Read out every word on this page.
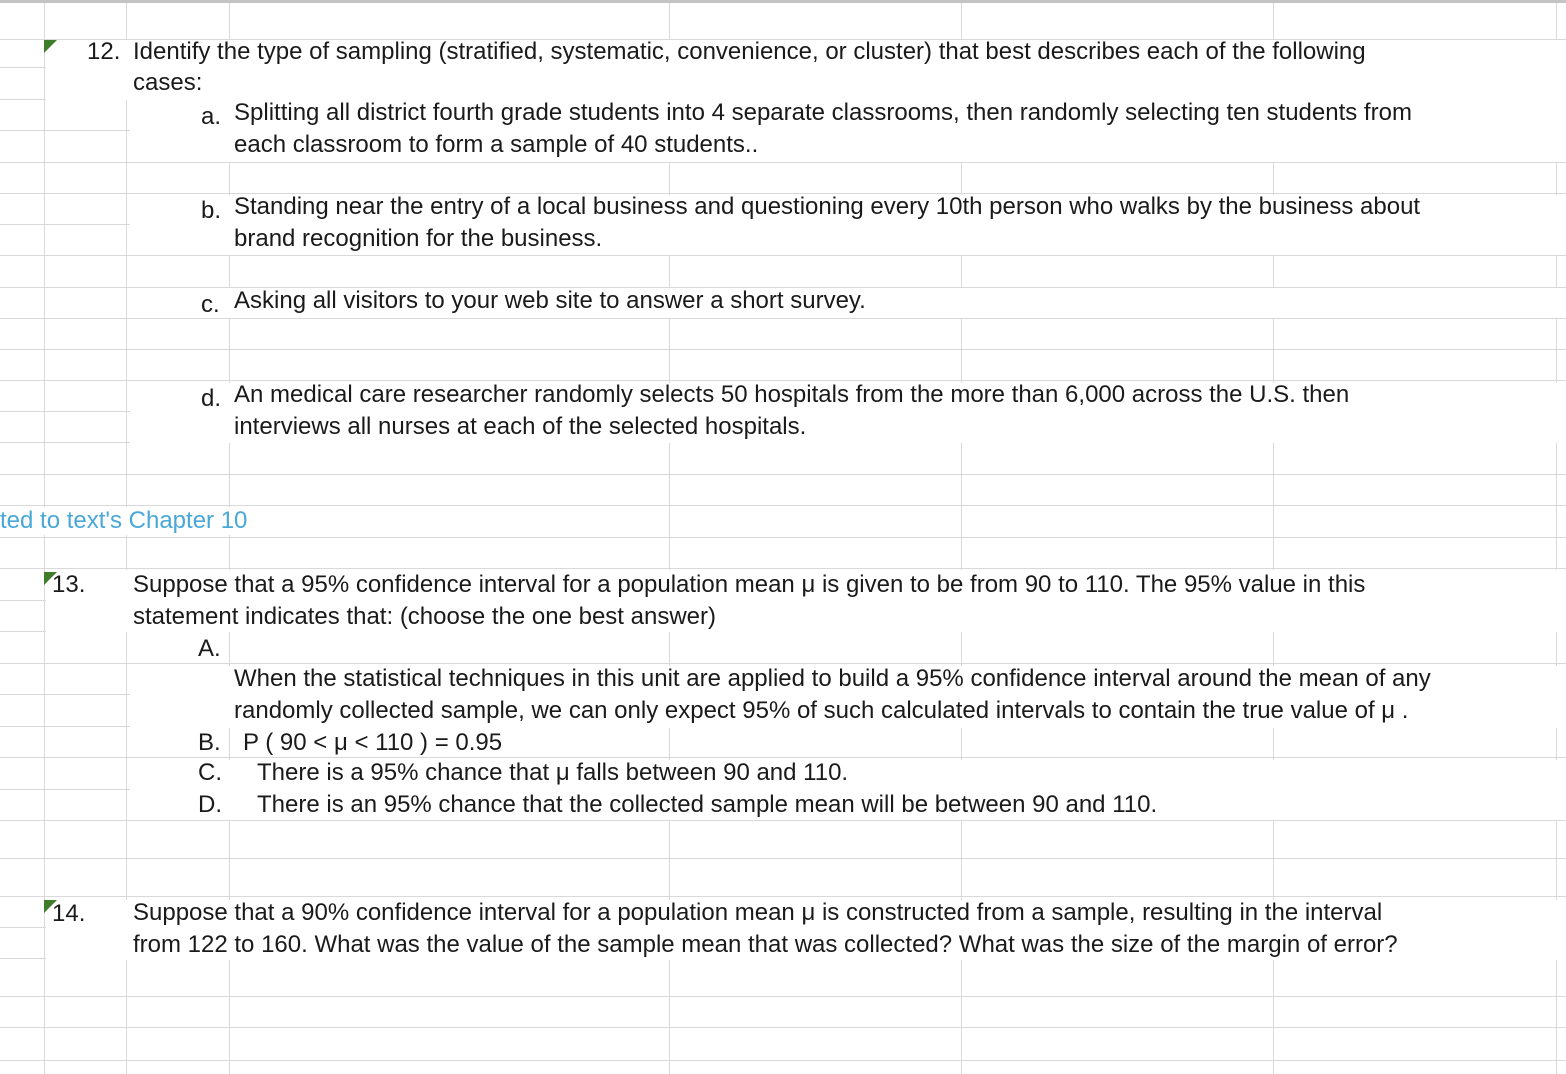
12. Identify the type of sampling (stratified, systematic, convenience, or cluster) that best describes each of the following
cases:
a. Splitting all district fourth grade students into 4 separate classrooms, then randomly selecting ten students from
each classroom to form a sample of 40 students..
b. Standing near the entry of a local business and questioning every 10th person who walks by the business about
brand recognition for the business.
c. Asking all visitors to your web site to answer a short survey.
d. An medical care researcher randomly selects 50 hospitals from the more than 6,000 across the U.S. then
interviews all nurses at each of the selected hospitals.
ted to text's Chapter 10
13. Suppose that a 95% confidence interval for a population mean μ is given to be from 90 to 110. The 95% value in this
statement indicates that: (choose the one best answer)
A.
When the statistical techniques in this unit are applied to build a 95% confidence interval around the mean of any
randomly collected sample, we can only expect 95% of such calculated intervals to contain the true value of μ .
B. P ( 90 < μ < 110 ) = 0.95
C. There is a 95% chance that μ falls between 90 and 110.
D. There is an 95% chance that the collected sample mean will be between 90 and 110.
14. Suppose that a 90% confidence interval for a population mean μ is constructed from a sample, resulting in the interval
from 122 to 160. What was the value of the sample mean that was collected? What was the size of the margin of error?
